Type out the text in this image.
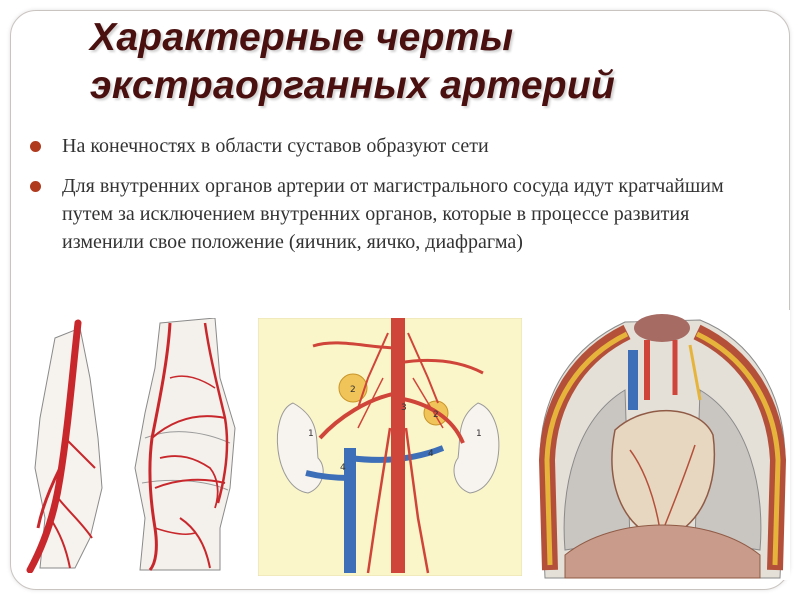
Характерные черты
экстраорганных артерий
На конечностях в области суставов образуют сети
Для внутренних органов артерии от магистрального сосуда идут кратчайшим путем за исключением внутренних органов, которые в процессе развития изменили свое положение (яичник, яичко, диафрагма)
1
2
3
2
1
4
4
